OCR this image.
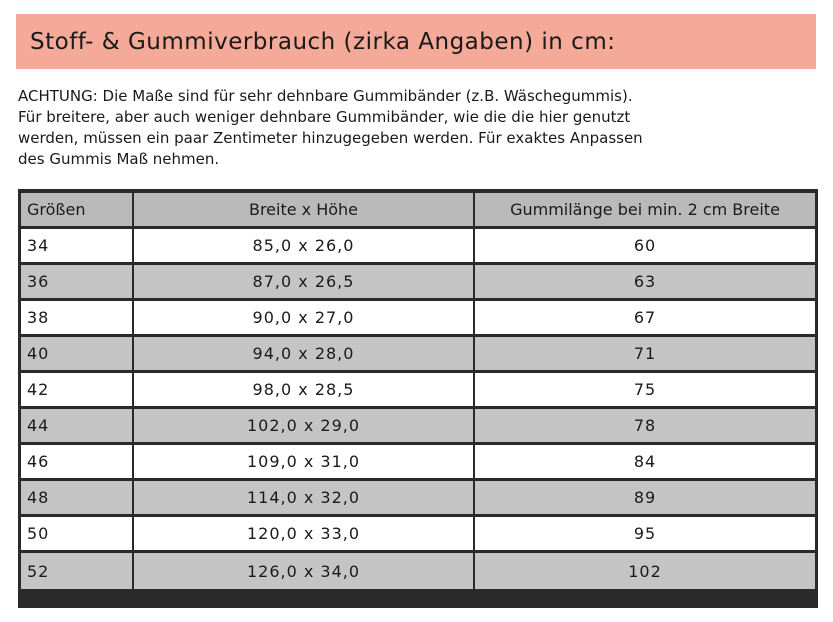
Stoff- & Gummiverbrauch (zirka Angaben) in cm:

ACHTUNG: Die Maße sind für sehr dehnbare Gummibänder (z.B. Wäschegummis).

Für breitere, aber auch weniger dehnbare Gummibänder, wie die die hier genutzt

werden, müssen ein paar Zentimeter hinzugegeben werden. Für exaktes Anpassen

des Gummis Maß nehmen.

Größen	Breite x Höhe	Gummilänge bei min. 2 cm Breite
34	85,0 x 26,0	60
36	87,0 x 26,5	63
38	90,0 x 27,0	67
40	94,0 x 28,0	71
42	98,0 x 28,5	75
44	102,0 x 29,0	78
46	109,0 x 31,0	84
48	114,0 x 32,0	89
50	120,0 x 33,0	95
52	126,0 x 34,0	102
